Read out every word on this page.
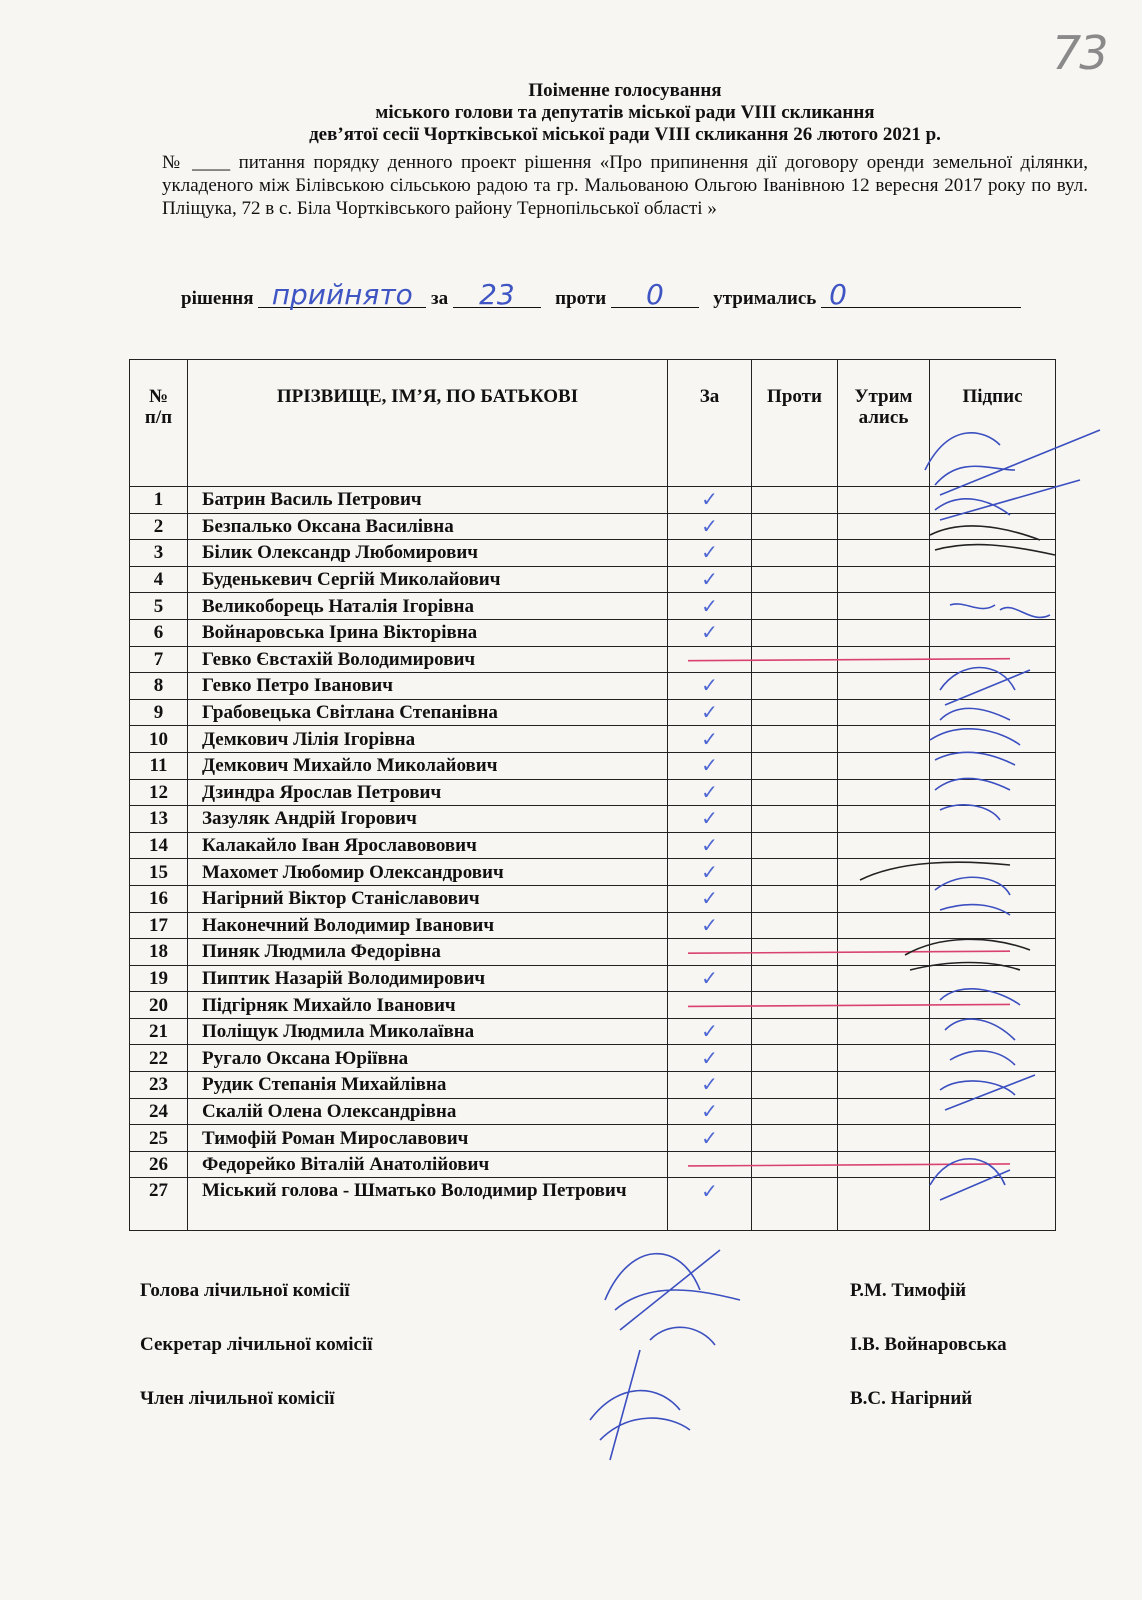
73
Поіменне голосування
міського голови та депутатів міської ради VIII скликання
дев’ятої сесії Чортківської міської ради VIII скликання 26 лютого 2021 р.
№ ____ питання порядку денного проект рішення «Про припинення дії договору оренди земельної ділянки, укладеного між Білівською сільською радою та гр. Мальованою Ольгою Іванівною 12 вересня 2017 року по вул. Пліщука, 72 в с. Біла Чортківського району Тернопільської області »
рішення прийнято за 23 проти 0	утримались 0
№ п/п	ПРІЗВИЩЕ, ІМ’Я, ПО БАТЬКОВІ	За	Проти	Утримались	Підпис
1	Батрин Василь Петрович	✓			
2	Безпалько Оксана Василівна	✓			
3	Білик Олександр Любомирович	✓			
4	Буденькевич Сергій Миколайович	✓			
5	Великоборець Наталія Ігорівна	✓			
6	Войнаровська Ірина Вікторівна	✓			
7	Гевко Євстахій Володимирович				
8	Гевко Петро Іванович	✓			
9	Грабовецька Світлана Степанівна	✓			
10	Демкович Лілія Ігорівна	✓			
11	Демкович Михайло Миколайович	✓			
12	Дзиндра Ярослав Петрович	✓			
13	Зазуляк Андрій Ігорович	✓			
14	Калакайло Іван Ярославовович	✓			
15	Махомет Любомир Олександрович	✓			
16	Нагірний Віктор Станіславович	✓			
17	Наконечний Володимир Іванович	✓			
18	Пиняк Людмила Федорівна				
19	Пиптик Назарій Володимирович	✓			
20	Підгірняк Михайло Іванович				
21	Поліщук Людмила Миколаївна	✓			
22	Ругало Оксана Юріївна	✓			
23	Рудик Степанія Михайлівна	✓			
24	Скалій Олена Олександрівна	✓			
25	Тимофій Роман Мирославович	✓			
26	Федорейко Віталій Анатолійович				
27	Міський голова - Шматько Володимир Петрович	✓			
Голова лічильної комісії	Р.М. Тимофій
Секретар лічильної комісії	І.В. Войнаровська
Член лічильної комісії	В.С. Нагірний
